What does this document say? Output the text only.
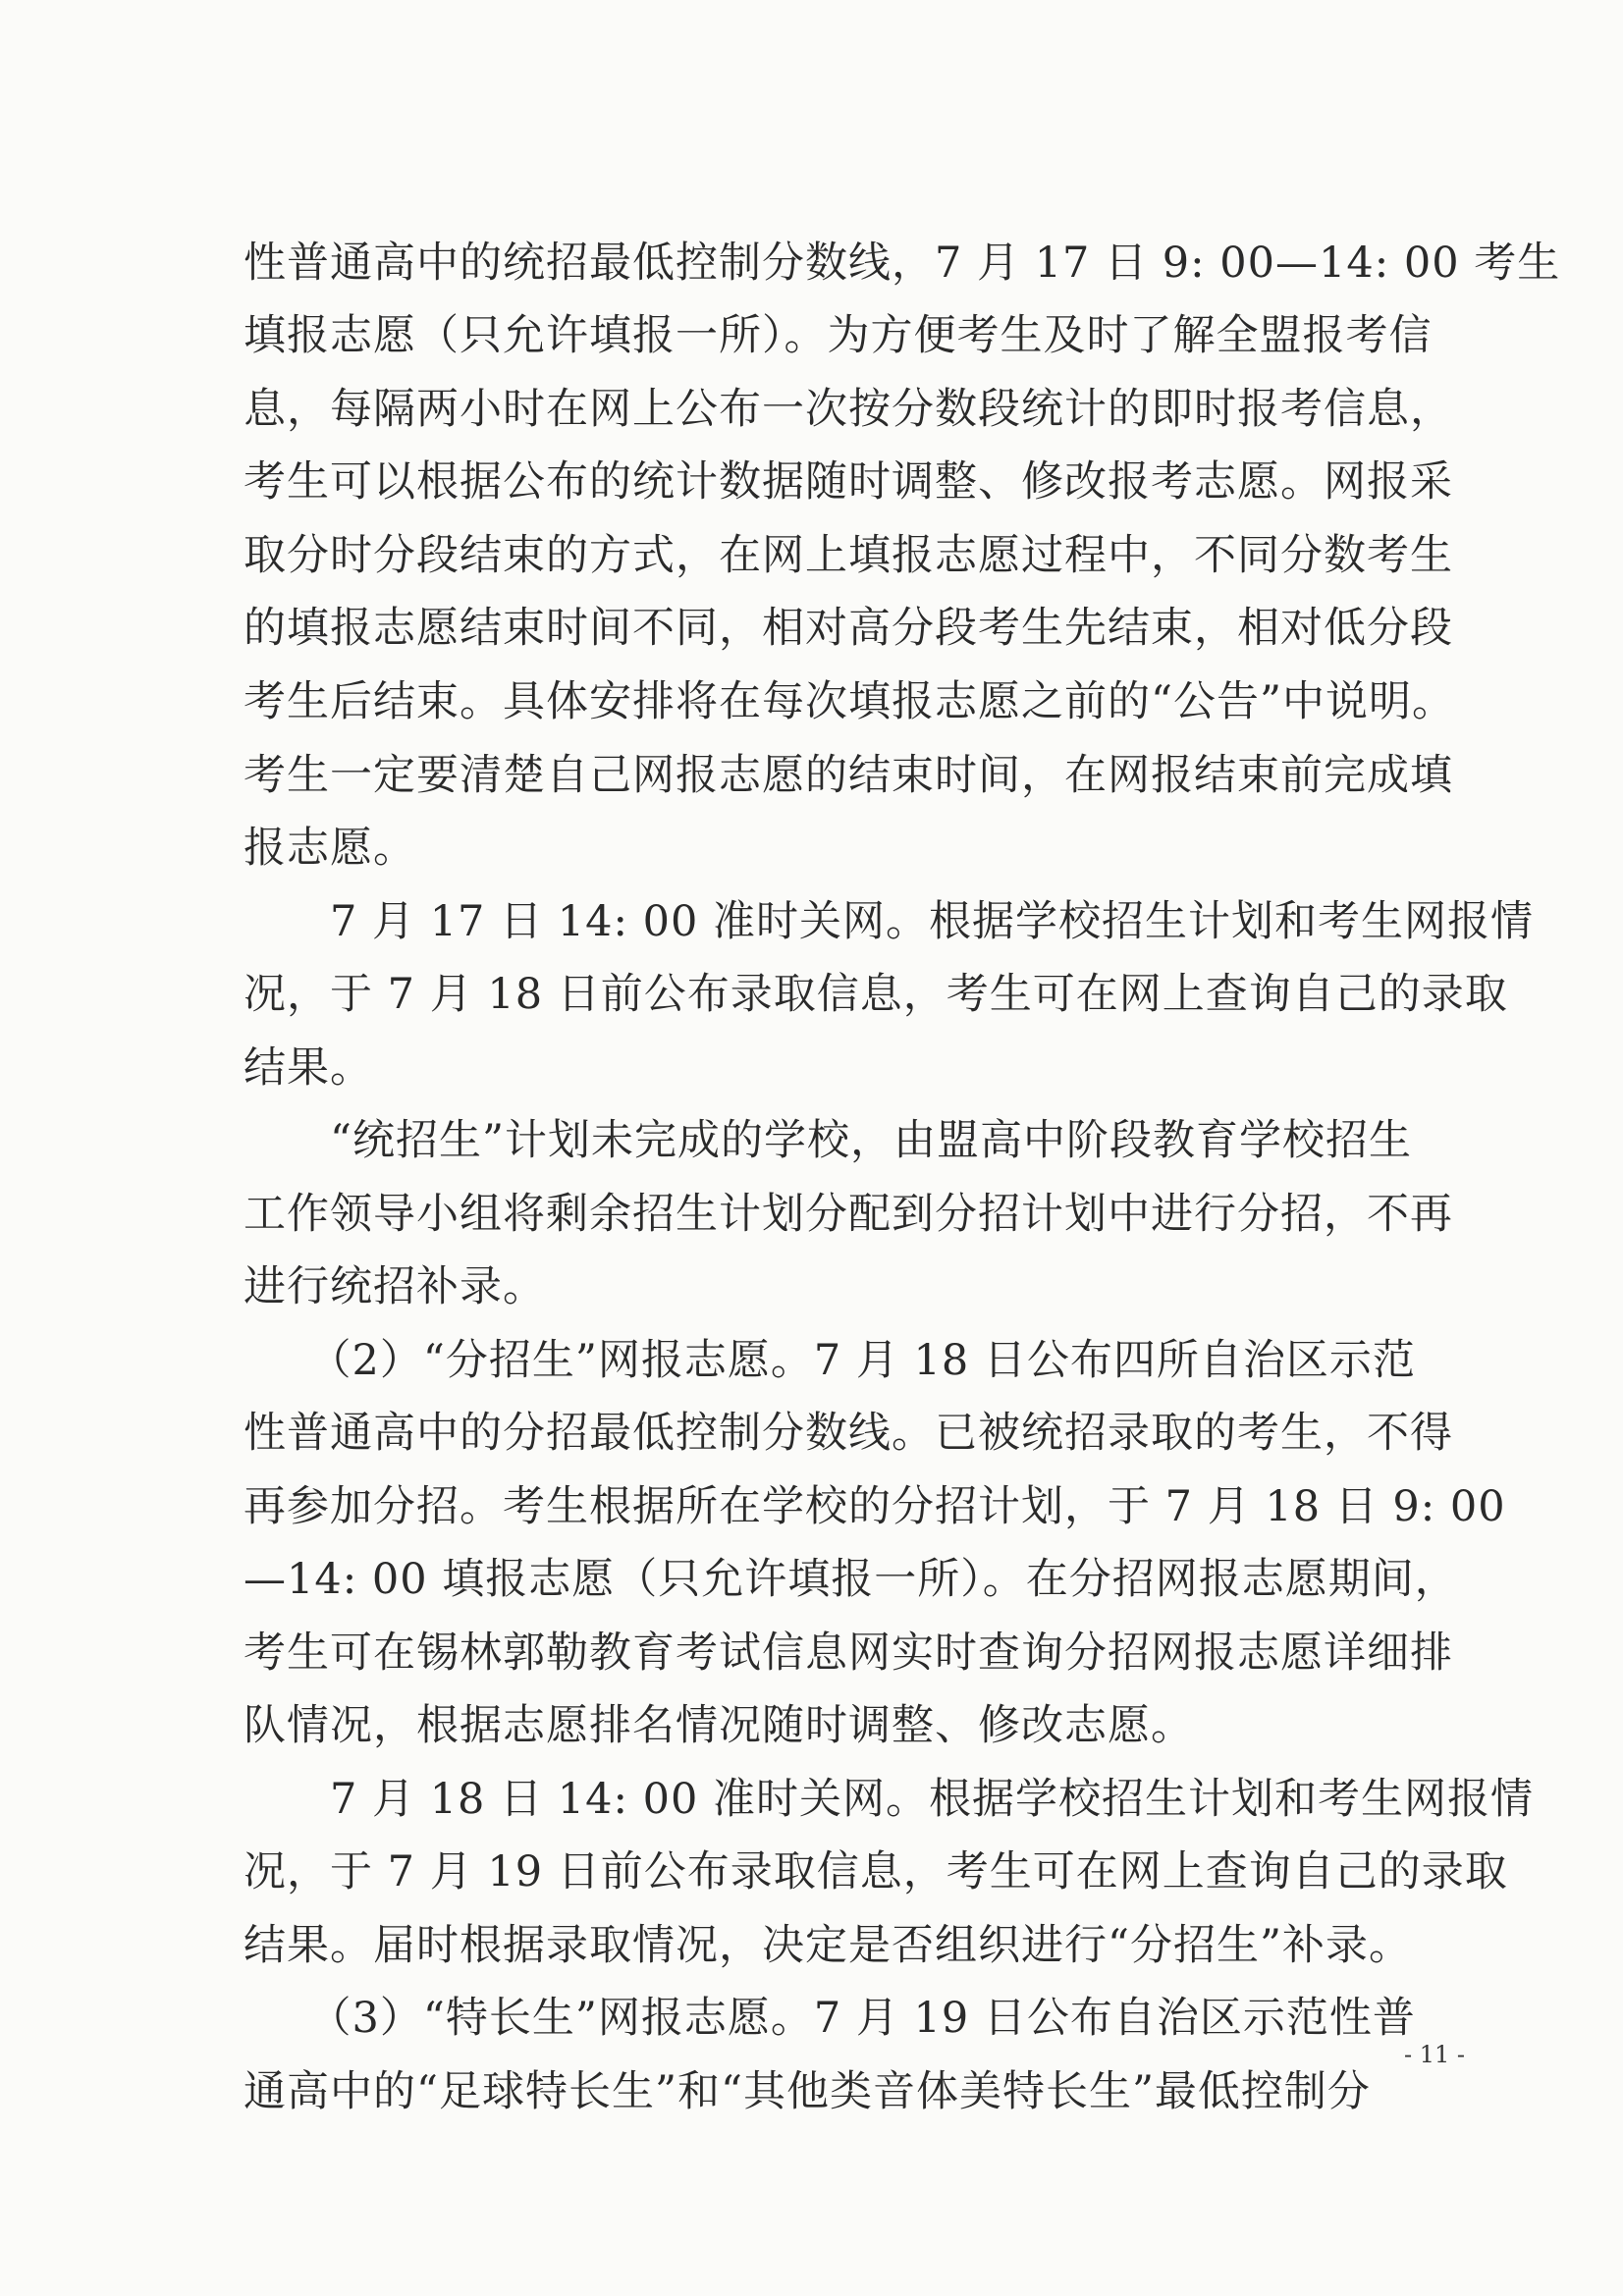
性普通高中的统招最低控制分数线，7 月 17 日 9: 00—14: 00 考生
填报志愿（只允许填报一所）。为方便考生及时了解全盟报考信
息，每隔两小时在网上公布一次按分数段统计的即时报考信息，
考生可以根据公布的统计数据随时调整、修改报考志愿。网报采
取分时分段结束的方式，在网上填报志愿过程中，不同分数考生
的填报志愿结束时间不同，相对高分段考生先结束，相对低分段
考生后结束。具体安排将在每次填报志愿之前的“公告”中说明。
考生一定要清楚自己网报志愿的结束时间，在网报结束前完成填
报志愿。
　　7 月 17 日 14: 00 准时关网。根据学校招生计划和考生网报情
况，于 7 月 18 日前公布录取信息，考生可在网上查询自己的录取
结果。
　　“统招生”计划未完成的学校，由盟高中阶段教育学校招生
工作领导小组将剩余招生计划分配到分招计划中进行分招，不再
进行统招补录。
　　（2）“分招生”网报志愿。7 月 18 日公布四所自治区示范
性普通高中的分招最低控制分数线。已被统招录取的考生，不得
再参加分招。考生根据所在学校的分招计划，于 7 月 18 日 9: 00
—14: 00 填报志愿（只允许填报一所）。在分招网报志愿期间，
考生可在锡林郭勒教育考试信息网实时查询分招网报志愿详细排
队情况，根据志愿排名情况随时调整、修改志愿。
　　7 月 18 日 14: 00 准时关网。根据学校招生计划和考生网报情
况，于 7 月 19 日前公布录取信息，考生可在网上查询自己的录取
结果。届时根据录取情况，决定是否组织进行“分招生”补录。
　　（3）“特长生”网报志愿。7 月 19 日公布自治区示范性普
通高中的“足球特长生”和“其他类音体美特长生”最低控制分
- 11 -
